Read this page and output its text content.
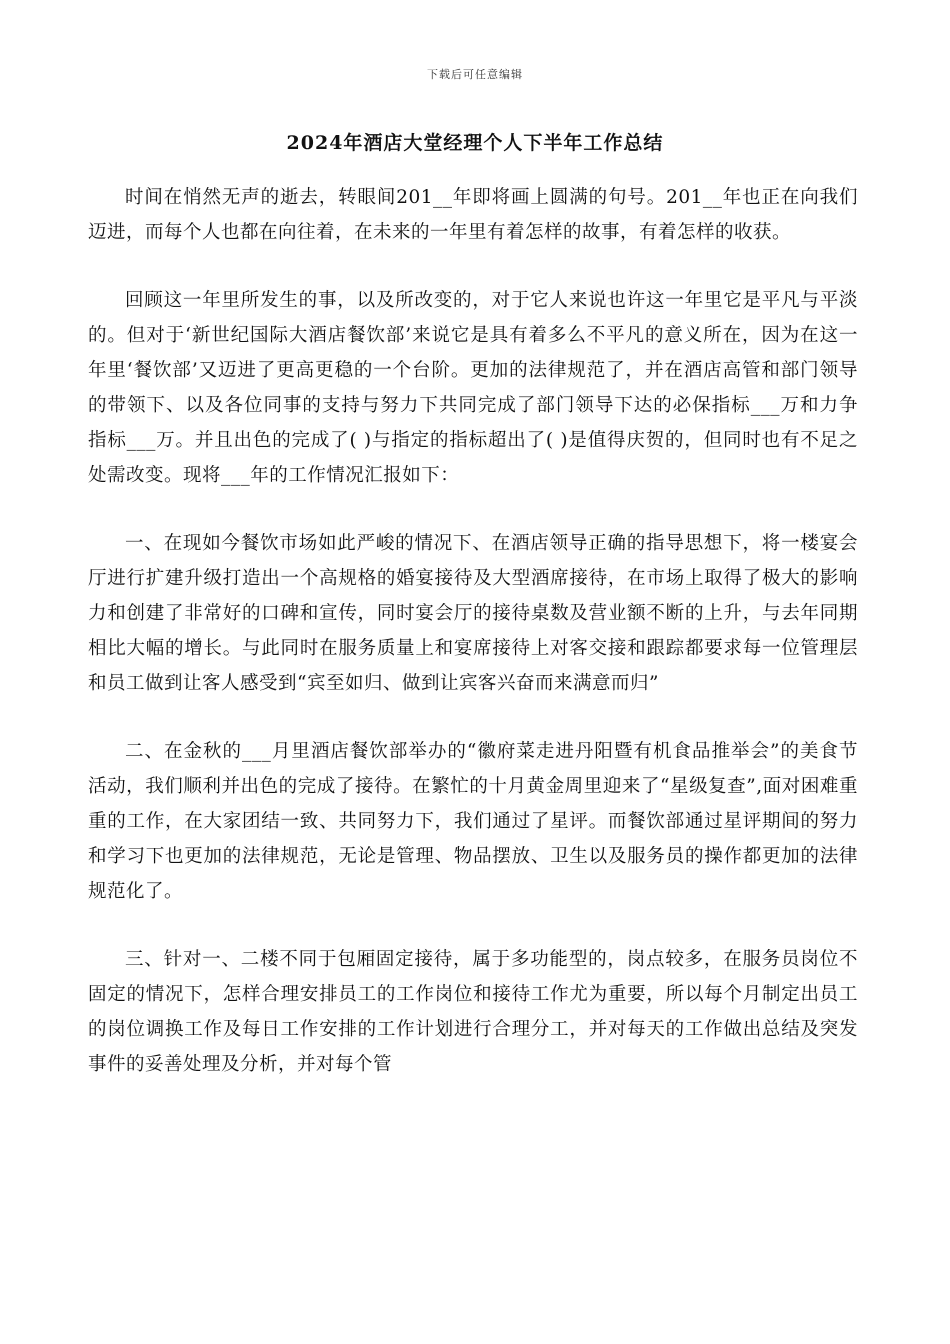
下载后可任意编辑
2024年酒店大堂经理个人下半年工作总结

时间在悄然无声的逝去，转眼间201__年即将画上圆满的句号。201__年也正在向我们迈进，而每个人也都在向往着，在未来的一年里有着怎样的故事，有着怎样的收获。

回顾这一年里所发生的事，以及所改变的，对于它人来说也许这一年里它是平凡与平淡的。但对于‘新世纪国际大酒店餐饮部’来说它是具有着多么不平凡的意义所在，因为在这一年里‘餐饮部’又迈进了更高更稳的一个台阶。更加的法律规范了，并在酒店高管和部门领导的带领下、以及各位同事的支持与努力下共同完成了部门领导下达的必保指标___万和力争指标___万。并且出色的完成了( )与指定的指标超出了( )是值得庆贺的，但同时也有不足之处需改变。现将___年的工作情况汇报如下：

一、在现如今餐饮市场如此严峻的情况下、在酒店领导正确的指导思想下，将一楼宴会厅进行扩建升级打造出一个高规格的婚宴接待及大型酒席接待，在市场上取得了极大的影响力和创建了非常好的口碑和宣传，同时宴会厅的接待桌数及营业额不断的上升，与去年同期相比大幅的增长。与此同时在服务质量上和宴席接待上对客交接和跟踪都要求每一位管理层和员工做到让客人感受到“宾至如归、做到让宾客兴奋而来满意而归”

二、在金秋的___月里酒店餐饮部举办的“徽府菜走进丹阳暨有机食品推举会”的美食节活动，我们顺利并出色的完成了接待。在繁忙的十月黄金周里迎来了“星级复查”,面对困难重重的工作，在大家团结一致、共同努力下，我们通过了星评。而餐饮部通过星评期间的努力和学习下也更加的法律规范，无论是管理、物品摆放、卫生以及服务员的操作都更加的法律规范化了。

三、针对一、二楼不同于包厢固定接待，属于多功能型的，岗点较多，在服务员岗位不固定的情况下，怎样合理安排员工的工作岗位和接待工作尤为重要，所以每个月制定出员工的岗位调换工作及每日工作安排的工作计划进行合理分工，并对每天的工作做出总结及突发事件的妥善处理及分析，并对每个管
